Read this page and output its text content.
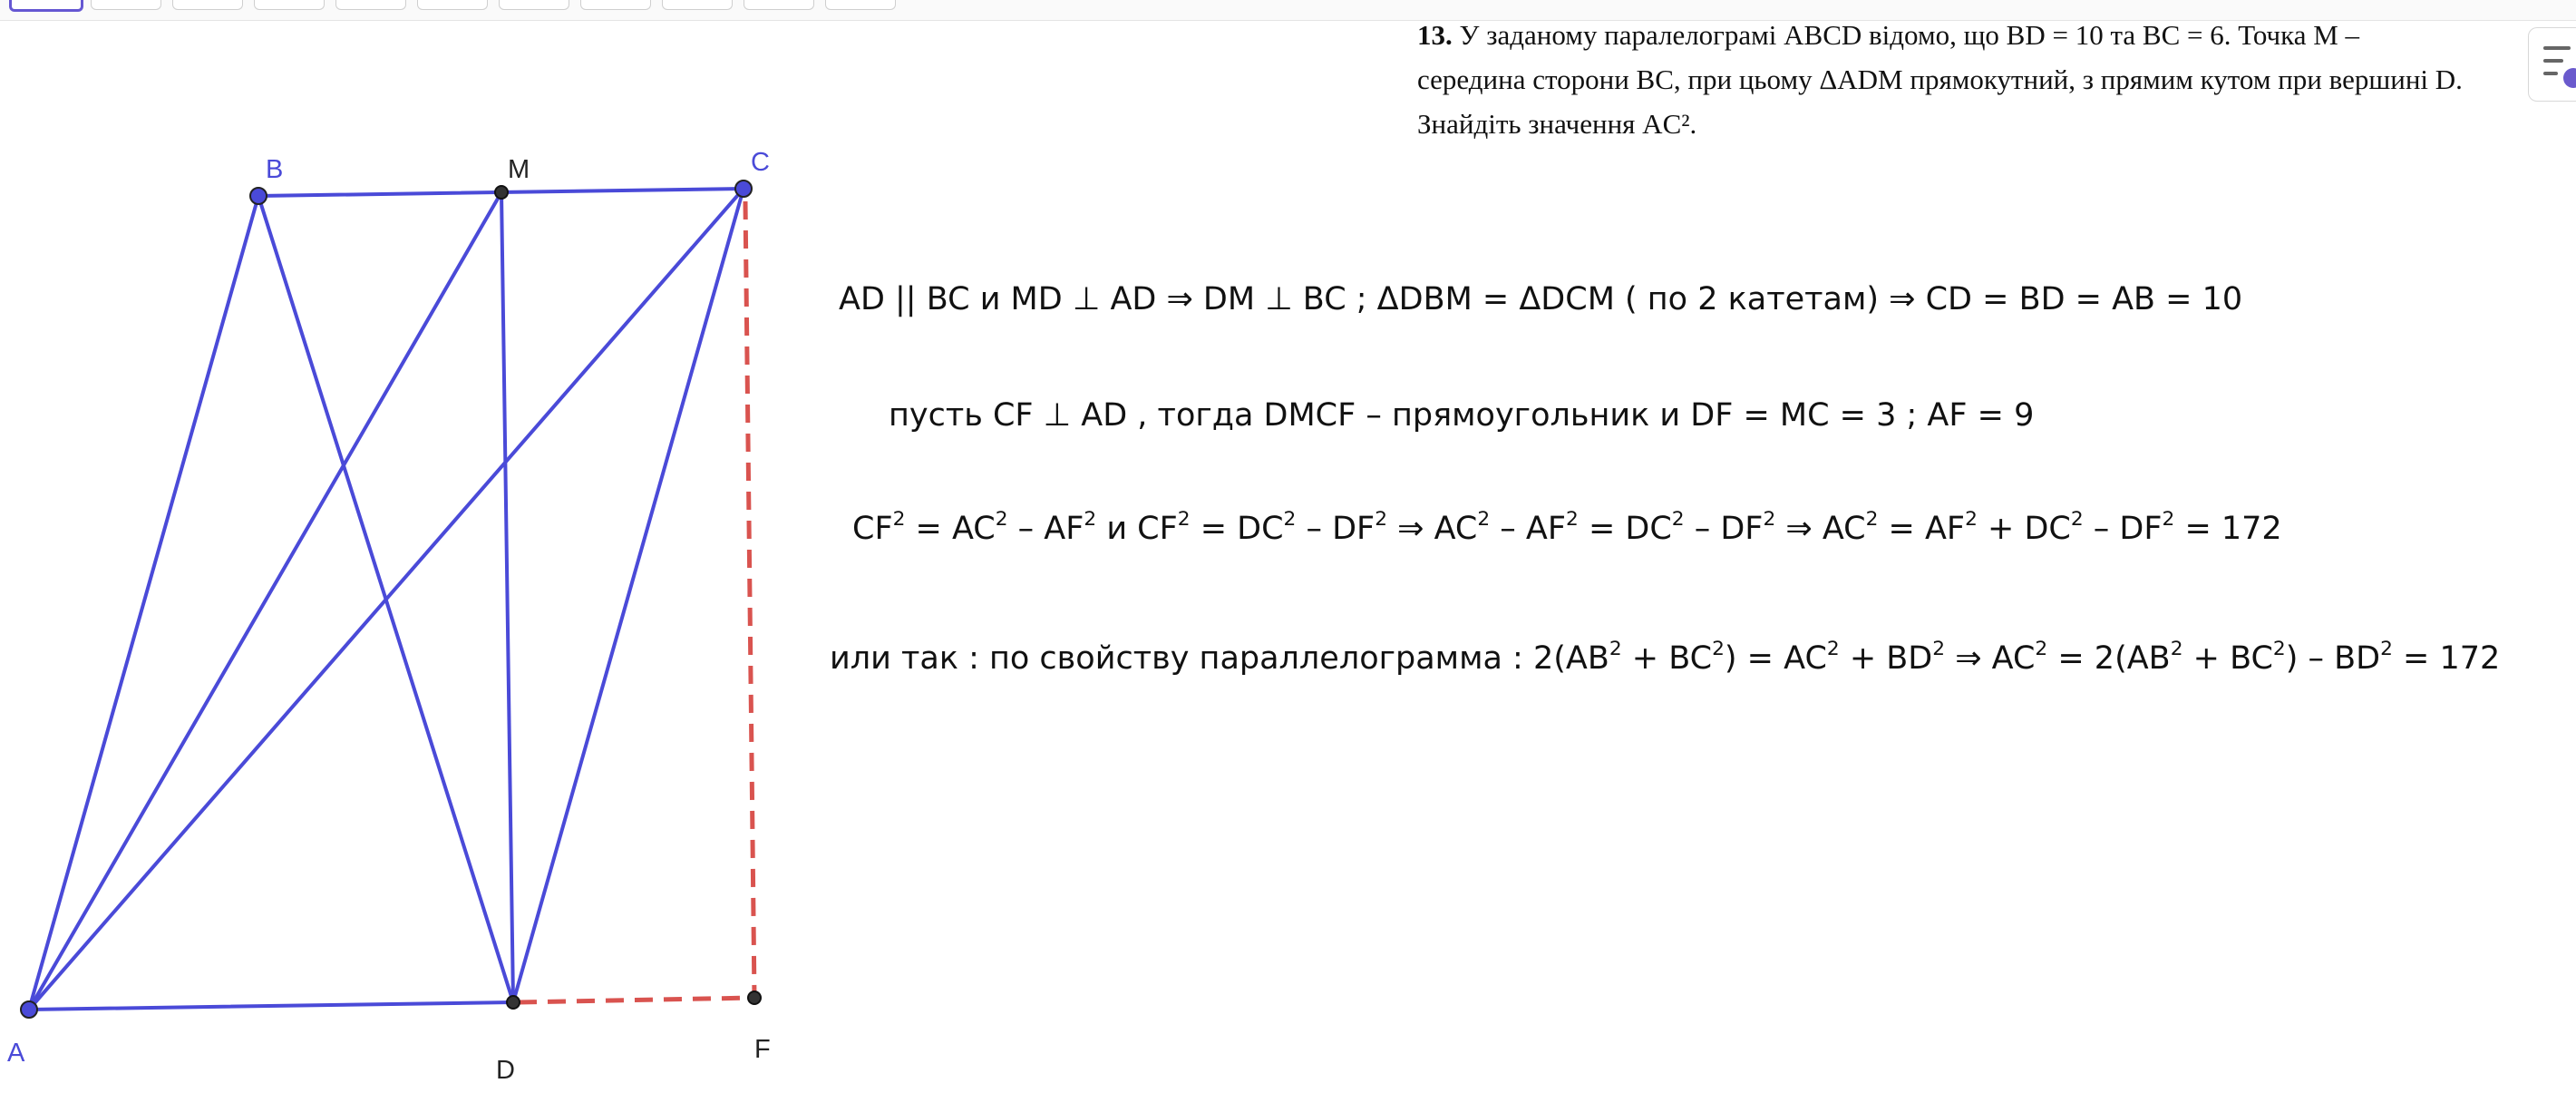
B	M	C
A
D
F
13. У заданому паралелограмі ABCD відомо, що BD = 10 та BC = 6. Точка M – середина сторони BC, при цьому ΔADM прямокутний, з прямим кутом при вершині D. Знайдіть значення AC².
AD || BC и MD ⊥ AD ⇒ DM ⊥ BC ; ΔDBM = ΔDCM ( по 2 катетам) ⇒ CD = BD = AB = 10
пусть CF ⊥ AD , тогда DMCF – прямоугольник и DF = MC = 3 ; AF = 9
$CF^2 = AC^2 - AF^2$ и $CF^2 = DC^2 - DF^2$ ⇒ $AC^2 - AF^2 = DC^2 - DF^2$ ⇒ $AC^2 = AF^2 + DC^2 - DF^2 = 172$
или так : по свойству параллелограмма : $2(AB^2 + BC^2) = AC^2 + BD^2$ ⇒ $AC^2 = 2(AB^2 + BC^2) - BD^2 = 172$
